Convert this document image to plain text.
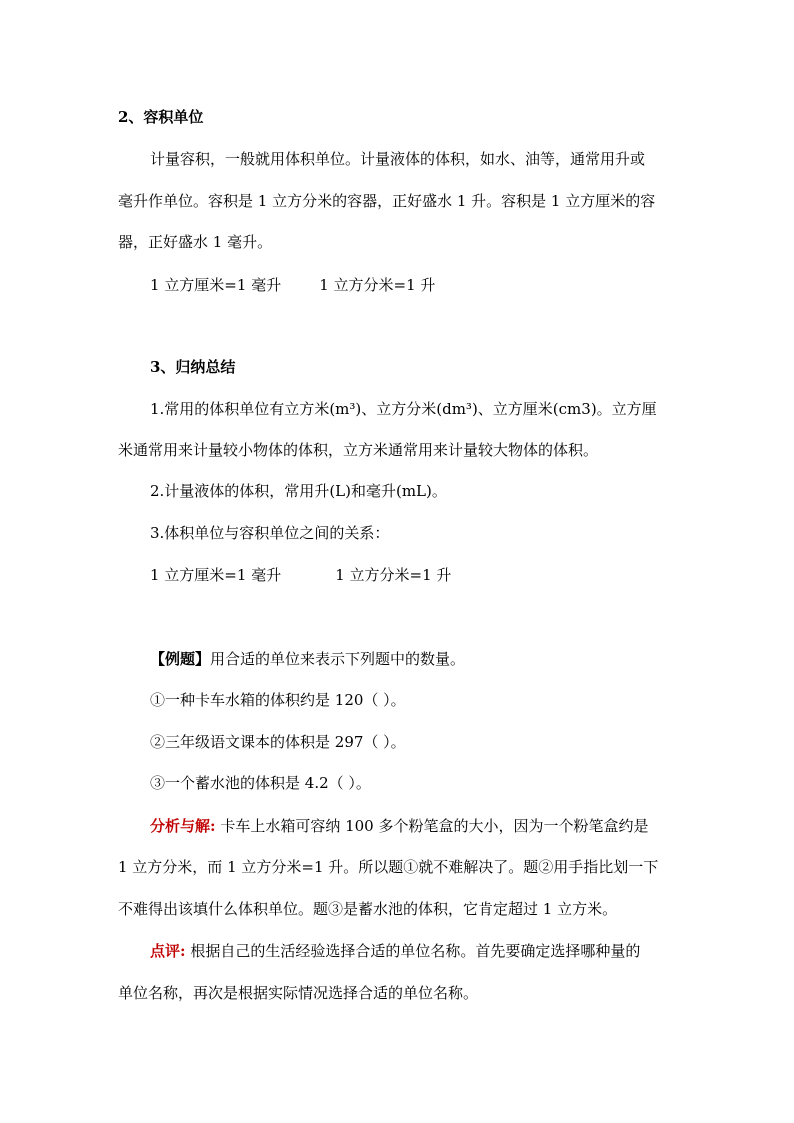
2、容积单位
计量容积，一般就用体积单位。计量液体的体积，如水、油等，通常用升或
毫升作单位。容积是 1 立方分米的容器，正好盛水 1 升。容积是 1 立方厘米的容
器，正好盛水 1 毫升。
1 立方厘米=1 毫升	1 立方分米=1 升
3、归纳总结
1.常用的体积单位有立方米(m³)、立方分米(dm³)、立方厘米(cm3)。立方厘
米通常用来计量较小物体的体积，立方米通常用来计量较大物体的体积。
2.计量液体的体积，常用升(L)和毫升(mL)。
3.体积单位与容积单位之间的关系：
1 立方厘米=1 毫升	1 立方分米=1 升
【例题】用合适的单位来表示下列题中的数量。
①一种卡车水箱的体积约是 120（ ）。
②三年级语文课本的体积是 297（ ）。
③一个蓄水池的体积是 4.2（ ）。
分析与解: 卡车上水箱可容纳 100 多个粉笔盒的大小，因为一个粉笔盒约是
1 立方分米，而 1 立方分米=1 升。所以题①就不难解决了。题②用手指比划一下
不难得出该填什么体积单位。题③是蓄水池的体积，它肯定超过 1 立方米。
点评: 根据自己的生活经验选择合适的单位名称。首先要确定选择哪种量的
单位名称，再次是根据实际情况选择合适的单位名称。
